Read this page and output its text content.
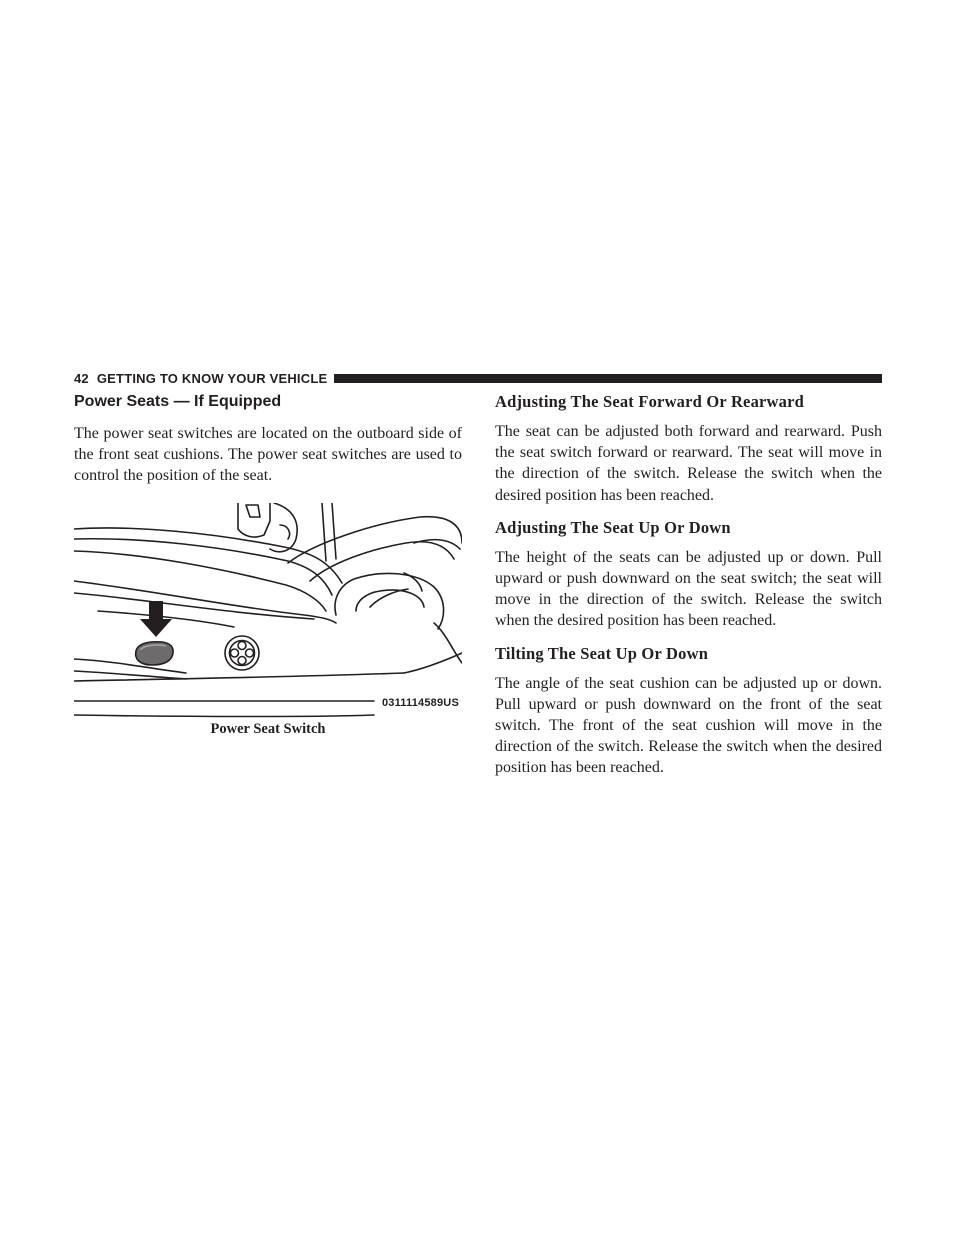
42 GETTING TO KNOW YOUR VEHICLE
Power Seats — If Equipped

The power seat switches are located on the outboard side of the front seat cushions. The power seat switches are used to control the position of the seat.

0311114589US
Power Seat Switch
Adjusting The Seat Forward Or Rearward

The seat can be adjusted both forward and rearward. Push the seat switch forward or rearward. The seat will move in the direction of the switch. Release the switch when the desired position has been reached.

Adjusting The Seat Up Or Down

The height of the seats can be adjusted up or down. Pull upward or push downward on the seat switch; the seat will move in the direction of the switch. Release the switch when the desired position has been reached.

Tilting The Seat Up Or Down

The angle of the seat cushion can be adjusted up or down. Pull upward or push downward on the front of the seat switch. The front of the seat cushion will move in the direction of the switch. Release the switch when the desired position has been reached.
